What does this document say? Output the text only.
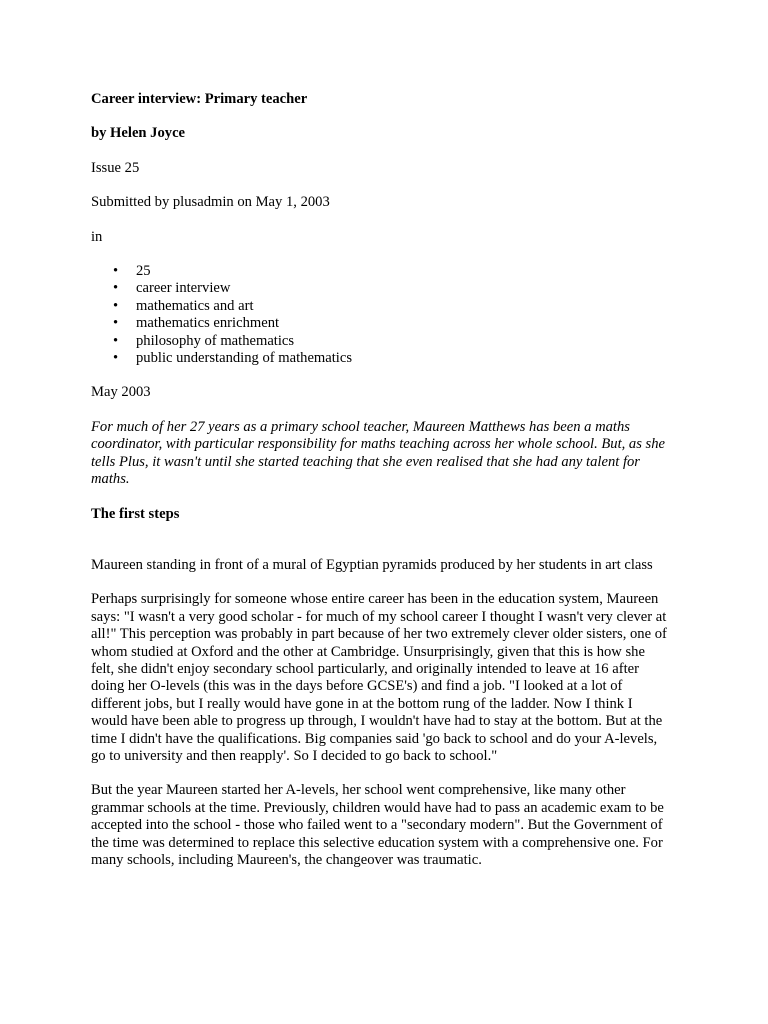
Career interview: Primary teacher

by Helen Joyce

Issue 25

Submitted by plusadmin on May 1, 2003

in

• 25
• career interview
• mathematics and art
• mathematics enrichment
• philosophy of mathematics
• public understanding of mathematics

May 2003

For much of her 27 years as a primary school teacher, Maureen Matthews has been a maths coordinator, with particular responsibility for maths teaching across her whole school. But, as she tells Plus, it wasn't until she started teaching that she even realised that she had any talent for maths.

The first steps

Maureen standing in front of a mural of Egyptian pyramids produced by her students in art class

Perhaps surprisingly for someone whose entire career has been in the education system, Maureen says: "I wasn't a very good scholar - for much of my school career I thought I wasn't very clever at all!" This perception was probably in part because of her two extremely clever older sisters, one of whom studied at Oxford and the other at Cambridge. Unsurprisingly, given that this is how she felt, she didn't enjoy secondary school particularly, and originally intended to leave at 16 after doing her O-levels (this was in the days before GCSE's) and find a job. "I looked at a lot of different jobs, but I really would have gone in at the bottom rung of the ladder. Now I think I would have been able to progress up through, I wouldn't have had to stay at the bottom. But at the time I didn't have the qualifications. Big companies said 'go back to school and do your A-levels, go to university and then reapply'. So I decided to go back to school."

But the year Maureen started her A-levels, her school went comprehensive, like many other grammar schools at the time. Previously, children would have had to pass an academic exam to be accepted into the school - those who failed went to a "secondary modern". But the Government of the time was determined to replace this selective education system with a comprehensive one. For many schools, including Maureen's, the changeover was traumatic.
